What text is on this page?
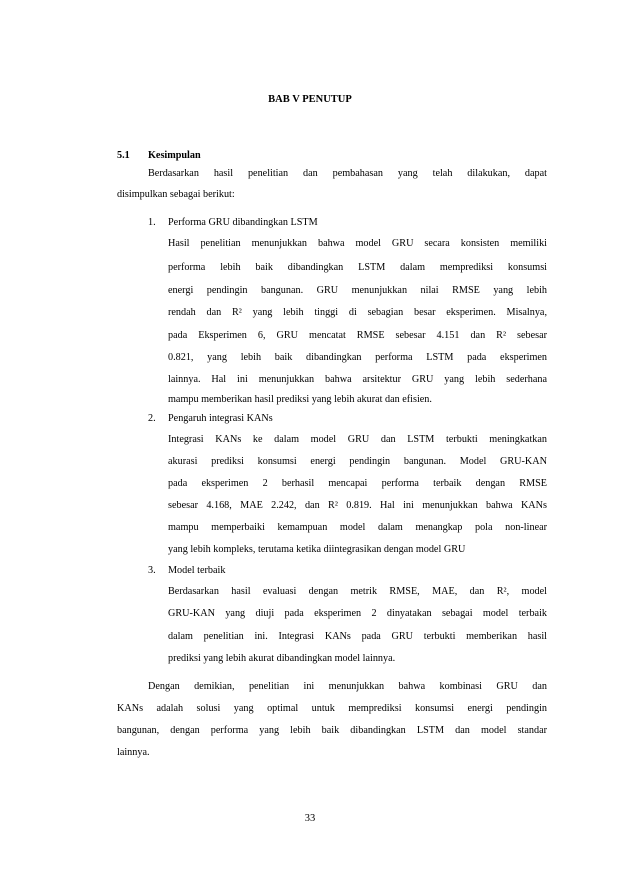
BAB V PENUTUP
5.1 Kesimpulan
Berdasarkan hasil penelitian dan pembahasan yang telah dilakukan, dapat
disimpulkan sebagai berikut:
1. Performa GRU dibandingkan LSTM
Hasil penelitian menunjukkan bahwa model GRU secara konsisten memiliki
performa lebih baik dibandingkan LSTM dalam memprediksi konsumsi
energi pendingin bangunan. GRU menunjukkan nilai RMSE yang lebih
rendah dan R² yang lebih tinggi di sebagian besar eksperimen. Misalnya,
pada Eksperimen 6, GRU mencatat RMSE sebesar 4.151 dan R² sebesar
0.821, yang lebih baik dibandingkan performa LSTM pada eksperimen
lainnya. Hal ini menunjukkan bahwa arsitektur GRU yang lebih sederhana
mampu memberikan hasil prediksi yang lebih akurat dan efisien.
2. Pengaruh integrasi KANs
Integrasi KANs ke dalam model GRU dan LSTM terbukti meningkatkan
akurasi prediksi konsumsi energi pendingin bangunan. Model GRU-KAN
pada eksperimen 2 berhasil mencapai performa terbaik dengan RMSE
sebesar 4.168, MAE 2.242, dan R² 0.819. Hal ini menunjukkan bahwa KANs
mampu memperbaiki kemampuan model dalam menangkap pola non-linear
yang lebih kompleks, terutama ketika diintegrasikan dengan model GRU
3. Model terbaik
Berdasarkan hasil evaluasi dengan metrik RMSE, MAE, dan R², model
GRU-KAN yang diuji pada eksperimen 2 dinyatakan sebagai model terbaik
dalam penelitian ini. Integrasi KANs pada GRU terbukti memberikan hasil
prediksi yang lebih akurat dibandingkan model lainnya.
Dengan demikian, penelitian ini menunjukkan bahwa kombinasi GRU dan
KANs adalah solusi yang optimal untuk memprediksi konsumsi energi pendingin
bangunan, dengan performa yang lebih baik dibandingkan LSTM dan model standar
lainnya.
33
